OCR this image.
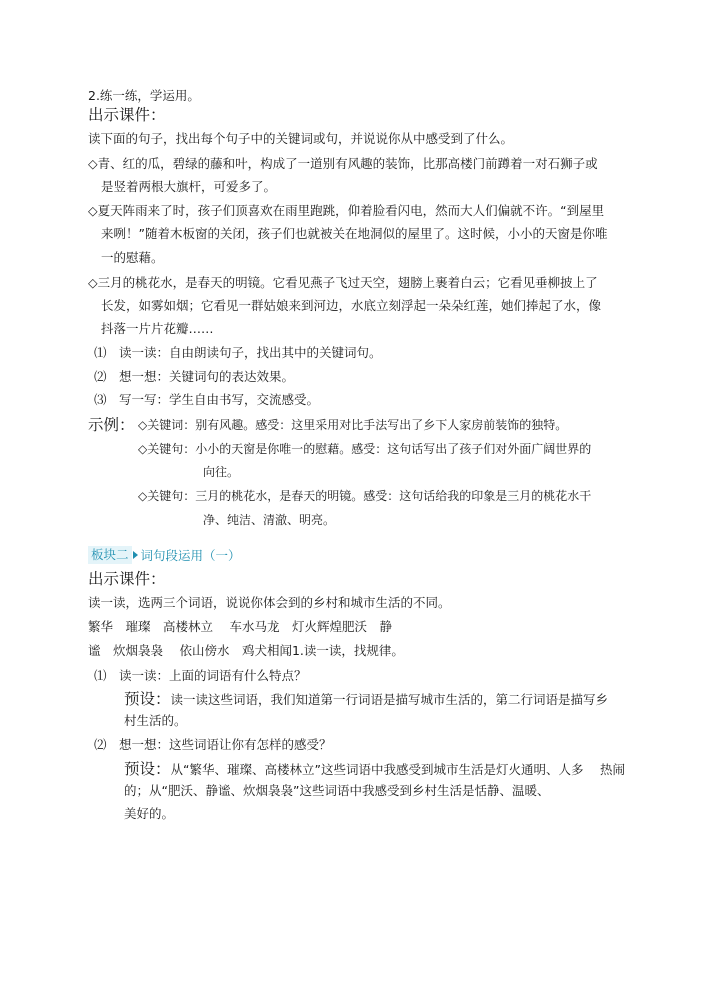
2.练一练，学运用。
出示课件：
读下面的句子，找出每个句子中的关键词或句，并说说你从中感受到了什么。
◇青、红的瓜，碧绿的藤和叶，构成了一道别有风趣的装饰，比那高楼门前蹲着一对石狮子或
是竖着两根大旗杆，可爱多了。
◇夏天阵雨来了时，孩子们顶喜欢在雨里跑跳，仰着脸看闪电，然而大人们偏就不许。“到屋里
来咧！”随着木板窗的关闭，孩子们也就被关在地洞似的屋里了。这时候，小小的天窗是你唯
一的慰藉。
◇三月的桃花水，是春天的明镜。它看见燕子飞过天空，翅膀上裹着白云；它看见垂柳披上了
长发，如雾如烟；它看见一群姑娘来到河边，水底立刻浮起一朵朵红莲，她们捧起了水，像
抖落一片片花瓣……
⑴　读一读：自由朗读句子，找出其中的关键词句。
⑵　想一想：关键词句的表达效果。
⑶　写一写：学生自由书写，交流感受。
示例： ◇关键词：别有风趣。感受：这里采用对比手法写出了乡下人家房前装饰的独特。
◇关键句：小小的天窗是你唯一的慰藉。感受：这句话写出了孩子们对外面广阔世界的
向往。
◇关键句：三月的桃花水，是春天的明镜。感受：这句话给我的印象是三月的桃花水干
净、纯洁、清澈、明亮。
板块二 词句段运用（一）
出示课件：
读一读，选两三个词语，说说你体会到的乡村和城市生活的不同。
繁华　璀璨　高楼林立　 车水马龙　灯火辉煌肥沃　静
谧　炊烟袅袅　 依山傍水　鸡犬相闻1.读一读，找规律。
⑴　读一读：上面的词语有什么特点？
预设：读一读这些词语，我们知道第一行词语是描写城市生活的，第二行词语是描写乡
村生活的。
⑵　想一想：这些词语让你有怎样的感受？
预设：从“繁华、璀璨、高楼林立”这些词语中我感受到城市生活是灯火通明、人多　 热闹
的；从“肥沃、静谧、炊烟袅袅”这些词语中我感受到乡村生活是恬静、温暖、
美好的。
